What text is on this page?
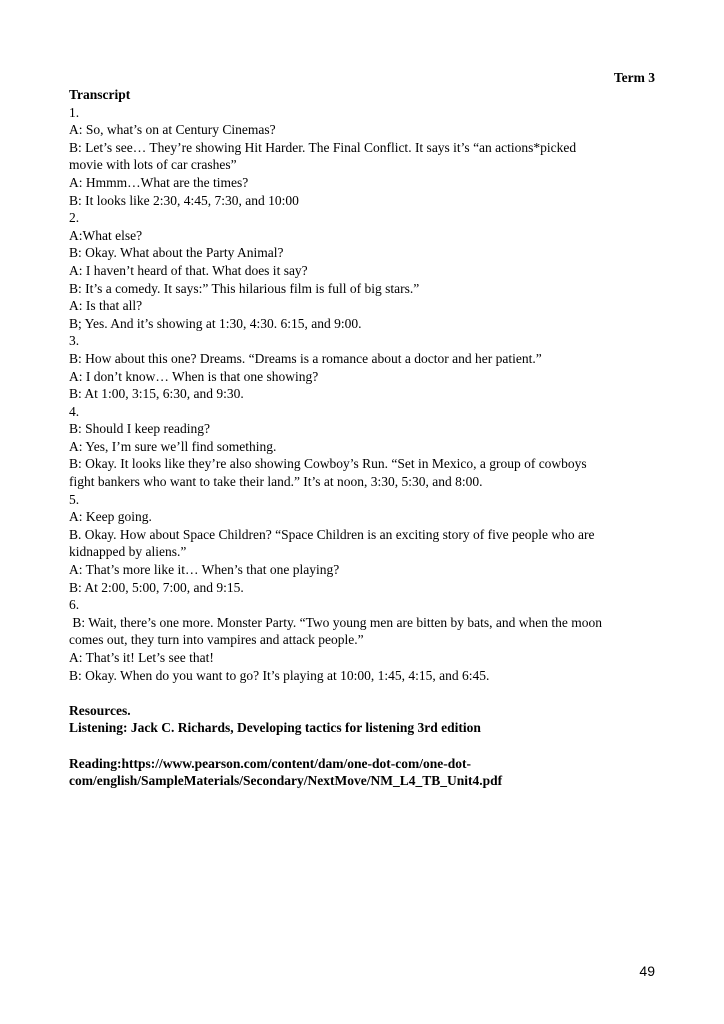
Term 3

Transcript

1.

A: So, what’s on at Century Cinemas?

B: Let’s see… They’re showing Hit Harder. The Final Conflict. It says it’s “an actions*picked

movie with lots of car crashes”

A: Hmmm…What are the times?

B: It looks like 2:30, 4:45, 7:30, and 10:00

2.

A:What else?

B: Okay. What about the Party Animal?

A: I haven’t heard of that. What does it say?

B: It’s a comedy. It says:” This hilarious film is full of big stars.”

A: Is that all?

B; Yes. And it’s showing at 1:30, 4:30. 6:15, and 9:00.

3.

B: How about this one? Dreams. “Dreams is a romance about a doctor and her patient.”

A: I don’t know… When is that one showing?

B: At 1:00, 3:15, 6:30, and 9:30.

4.

B: Should I keep reading?

A: Yes, I’m sure we’ll find something.

B: Okay. It looks like they’re also showing Cowboy’s Run. “Set in Mexico, a group of cowboys

fight bankers who want to take their land.” It’s at noon, 3:30, 5:30, and 8:00.

5.

A: Keep going.

B. Okay. How about Space Children? “Space Children is an exciting story of five people who are

kidnapped by aliens.”

A: That’s more like it… When’s that one playing?

B: At 2:00, 5:00, 7:00, and 9:15.

6.

B: Wait, there’s one more. Monster Party. “Two young men are bitten by bats, and when the moon

comes out, they turn into vampires and attack people.”

A: That’s it! Let’s see that!

B: Okay. When do you want to go? It’s playing at 10:00, 1:45, 4:15, and 6:45.

Resources.

Listening: Jack C. Richards, Developing tactics for listening 3rd edition

Reading:https://www.pearson.com/content/dam/one-dot-com/one-dot-

com/english/SampleMaterials/Secondary/NextMove/NM_L4_TB_Unit4.pdf

49
